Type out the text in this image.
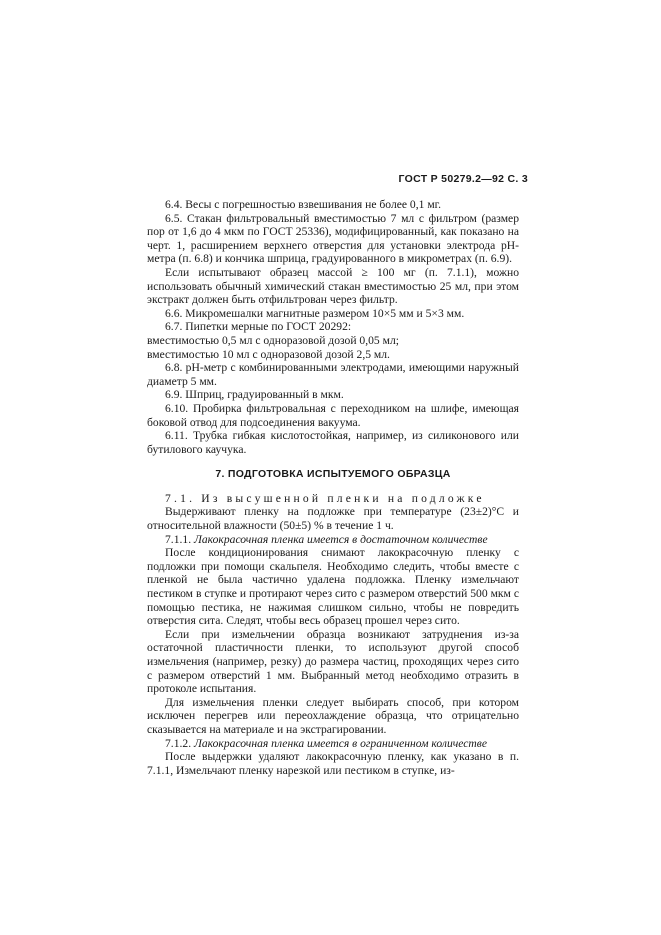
ГОСТ Р 50279.2—92 С. 3

6.4. Весы с погрешностью взвешивания не более 0,1 мг.

6.5. Стакан фильтровальный вместимостью 7 мл с фильтром (размер пор от 1,6 до 4 мкм по ГОСТ 25336), модифицированный, как показано на черт. 1, расширением верхнего отверстия для установки электрода pH-метра (п. 6.8) и кончика шприца, градуированного в микрометрах (п. 6.9).

Если испытывают образец массой ≥ 100 мг (п. 7.1.1), можно использовать обычный химический стакан вместимостью 25 мл, при этом экстракт должен быть отфильтрован через фильтр.

6.6. Микромешалки магнитные размером 10×5 мм и 5×3 мм.

6.7. Пипетки мерные по ГОСТ 20292:

вместимостью 0,5 мл с одноразовой дозой 0,05 мл;

вместимостью 10 мл с одноразовой дозой 2,5 мл.

6.8. pH-метр с комбинированными электродами, имеющими наружный диаметр 5 мм.

6.9. Шприц, градуированный в мкм.

6.10. Пробирка фильтровальная с переходником на шлифе, имеющая боковой отвод для подсоединения вакуума.

6.11. Трубка гибкая кислотостойкая, например, из силиконового или бутилового каучука.

7. ПОДГОТОВКА ИСПЫТУЕМОГО ОБРАЗЦА

7.1. Из высушенной пленки на подложке

Выдерживают пленку на подложке при температуре (23±2)°С и относительной влажности (50±5) % в течение 1 ч.

7.1.1. Лакокрасочная пленка имеется в достаточном количестве

После кондиционирования снимают лакокрасочную пленку с подложки при помощи скальпеля. Необходимо следить, чтобы вместе с пленкой не была частично удалена подложка. Пленку измельчают пестиком в ступке и протирают через сито с размером отверстий 500 мкм с помощью пестика, не нажимая слишком сильно, чтобы не повредить отверстия сита. Следят, чтобы весь образец прошел через сито.

Если при измельчении образца возникают затруднения из-за остаточной пластичности пленки, то используют другой способ измельчения (например, резку) до размера частиц, проходящих через сито с размером отверстий 1 мм. Выбранный метод необходимо отразить в протоколе испытания.

Для измельчения пленки следует выбирать способ, при котором исключен перегрев или переохлаждение образца, что отрицательно сказывается на материале и на экстрагировании.

7.1.2. Лакокрасочная пленка имеется в ограниченном количестве

После выдержки удаляют лакокрасочную пленку, как указано в п. 7.1.1, Измельчают пленку нарезкой или пестиком в ступке, из-
